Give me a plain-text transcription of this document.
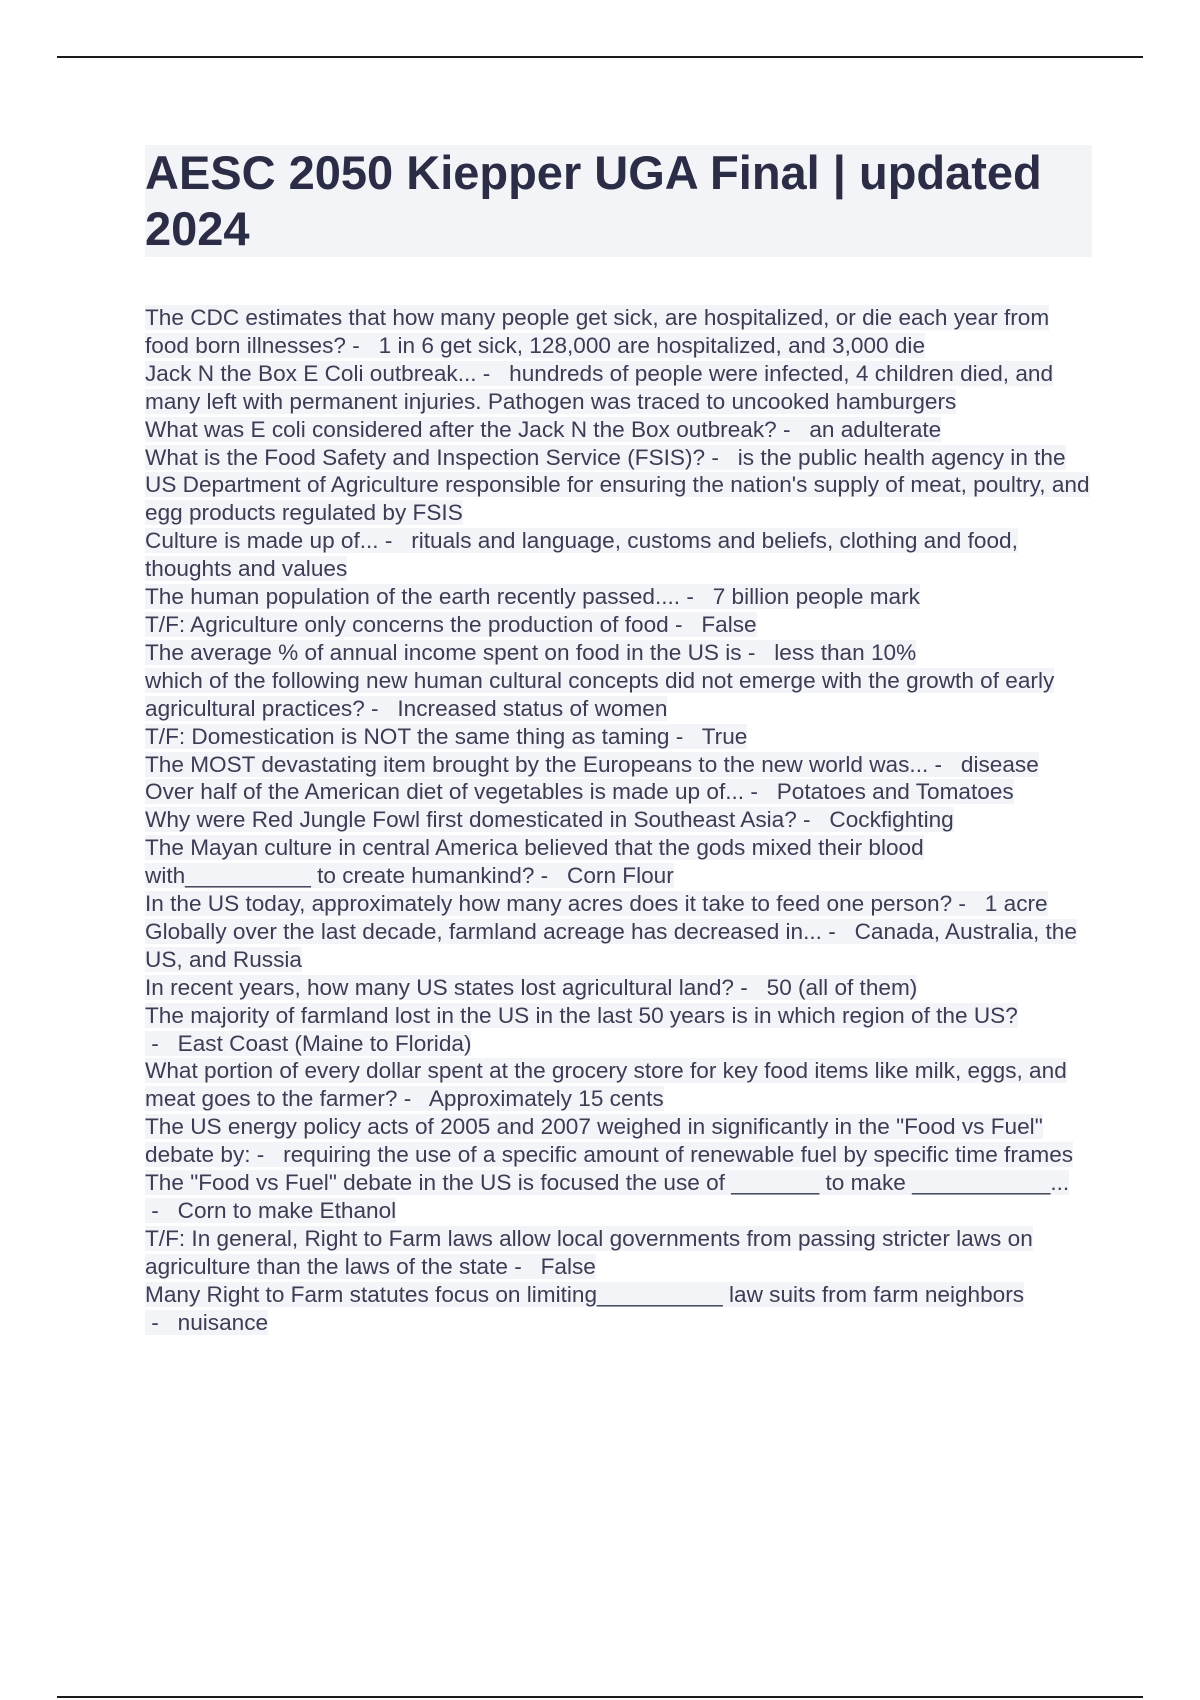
AESC 2050 Kiepper UGA Final | updated 2024
The CDC estimates that how many people get sick, are hospitalized, or die each year from food born illnesses? -   1 in 6 get sick, 128,000 are hospitalized, and 3,000 die
Jack N the Box E Coli outbreak... -   hundreds of people were infected, 4 children died, and many left with permanent injuries. Pathogen was traced to uncooked hamburgers
What was E coli considered after the Jack N the Box outbreak? -   an adulterate
What is the Food Safety and Inspection Service (FSIS)? -   is the public health agency in the US Department of Agriculture responsible for ensuring the nation's supply of meat, poultry, and egg products regulated by FSIS
Culture is made up of... -   rituals and language, customs and beliefs, clothing and food, thoughts and values
The human population of the earth recently passed.... -   7 billion people mark
T/F: Agriculture only concerns the production of food -   False
The average % of annual income spent on food in the US is -   less than 10%
which of the following new human cultural concepts did not emerge with the growth of early agricultural practices? -   Increased status of women
T/F: Domestication is NOT the same thing as taming -   True
The MOST devastating item brought by the Europeans to the new world was... -   disease
Over half of the American diet of vegetables is made up of... -   Potatoes and Tomatoes
Why were Red Jungle Fowl first domesticated in Southeast Asia? -   Cockfighting
The Mayan culture in central America believed that the gods mixed their blood with__________ to create humankind? -   Corn Flour
In the US today, approximately how many acres does it take to feed one person? -   1 acre
Globally over the last decade, farmland acreage has decreased in... -   Canada, Australia, the US, and Russia
In recent years, how many US states lost agricultural land? -   50 (all of them)
The majority of farmland lost in the US in the last 50 years is in which region of the US? -   East Coast (Maine to Florida)
What portion of every dollar spent at the grocery store for key food items like milk, eggs, and meat goes to the farmer? -   Approximately 15 cents
The US energy policy acts of 2005 and 2007 weighed in significantly in the "Food vs Fuel" debate by: -   requiring the use of a specific amount of renewable fuel by specific time frames
The "Food vs Fuel" debate in the US is focused the use of _______ to make ___________... -   Corn to make Ethanol
T/F: In general, Right to Farm laws allow local governments from passing stricter laws on agriculture than the laws of the state -   False
Many Right to Farm statutes focus on limiting__________ law suits from farm neighbors -   nuisance
